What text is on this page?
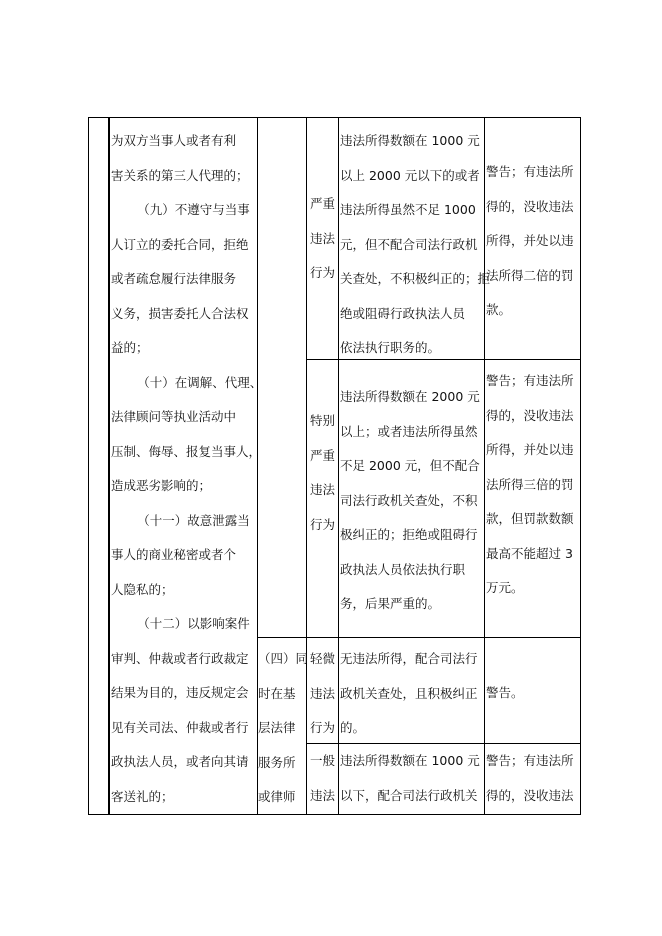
为双方当事人或者有利
害关系的第三人代理的；
（九）不遵守与当事
人订立的委托合同，拒绝
或者疏怠履行法律服务
义务，损害委托人合法权
益的；
（十）在调解、代理、
法律顾问等执业活动中
压制、侮辱、报复当事人，
造成恶劣影响的；
（十一）故意泄露当
事人的商业秘密或者个
人隐私的；
（十二）以影响案件
审判、仲裁或者行政裁定
结果为目的，违反规定会
见有关司法、仲裁或者行
政执法人员，或者向其请
客送礼的；
（四）同
时在基
层法律
服务所
或律师
严重
违法
行为
违法所得数额在 1000 元
以上 2000 元以下的或者
违法所得虽然不足 1000
元，但不配合司法行政机
关查处，不积极纠正的；拒
绝或阻碍行政执法人员
依法执行职务的。
警告；有违法所
得的，没收违法
所得，并处以违
法所得二倍的罚
款。
特别
严重
违法
行为
违法所得数额在 2000 元
以上；或者违法所得虽然
不足 2000 元，但不配合
司法行政机关查处，不积
极纠正的；拒绝或阻碍行
政执法人员依法执行职
务，后果严重的。
警告；有违法所
得的，没收违法
所得，并处以违
法所得三倍的罚
款，但罚款数额
最高不能超过 3
万元。
轻微
违法
行为
无违法所得，配合司法行
政机关查处，且积极纠正
的。
警告。
一般
违法
违法所得数额在 1000 元
以下，配合司法行政机关
警告；有违法所
得的，没收违法
